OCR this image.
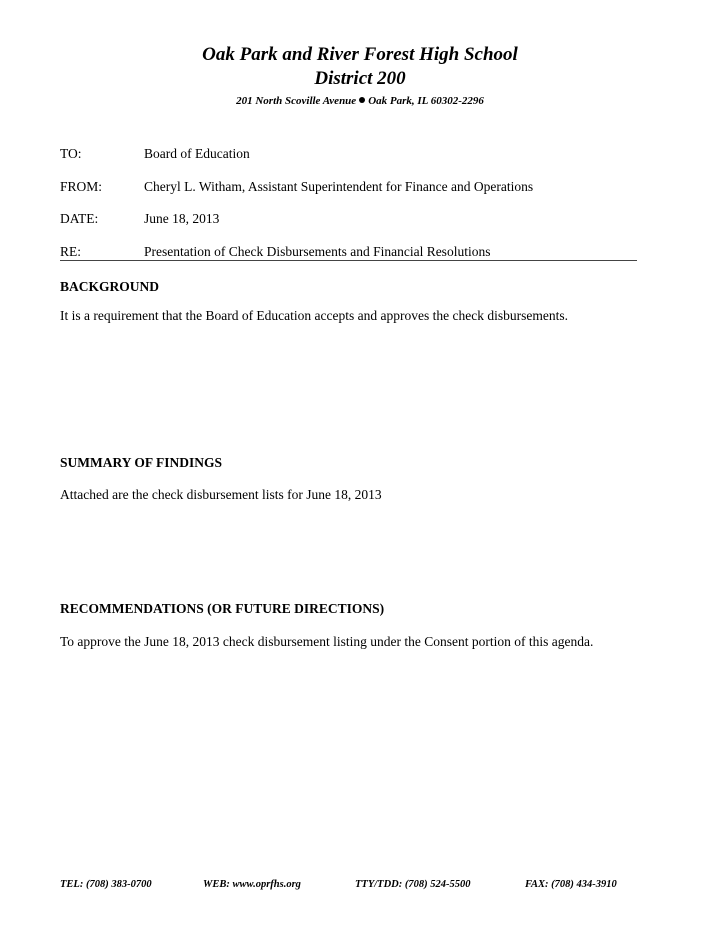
Oak Park and River Forest High School
District 200
201 North Scoville Avenue Oak Park, IL 60302-2296
TO:	Board of Education
FROM:	Cheryl L. Witham, Assistant Superintendent for Finance and Operations
DATE:	June 18, 2013
RE:	Presentation of Check Disbursements and Financial Resolutions
BACKGROUND
It is a requirement that the Board of Education accepts and approves the check disbursements.
SUMMARY OF FINDINGS
Attached are the check disbursement lists for June 18, 2013
RECOMMENDATIONS (OR FUTURE DIRECTIONS)
To approve the June 18, 2013 check disbursement listing under the Consent portion of this agenda.
TEL: (708) 383-0700	WEB: www.oprfhs.org	TTY/TDD: (708) 524-5500	FAX: (708) 434-3910
